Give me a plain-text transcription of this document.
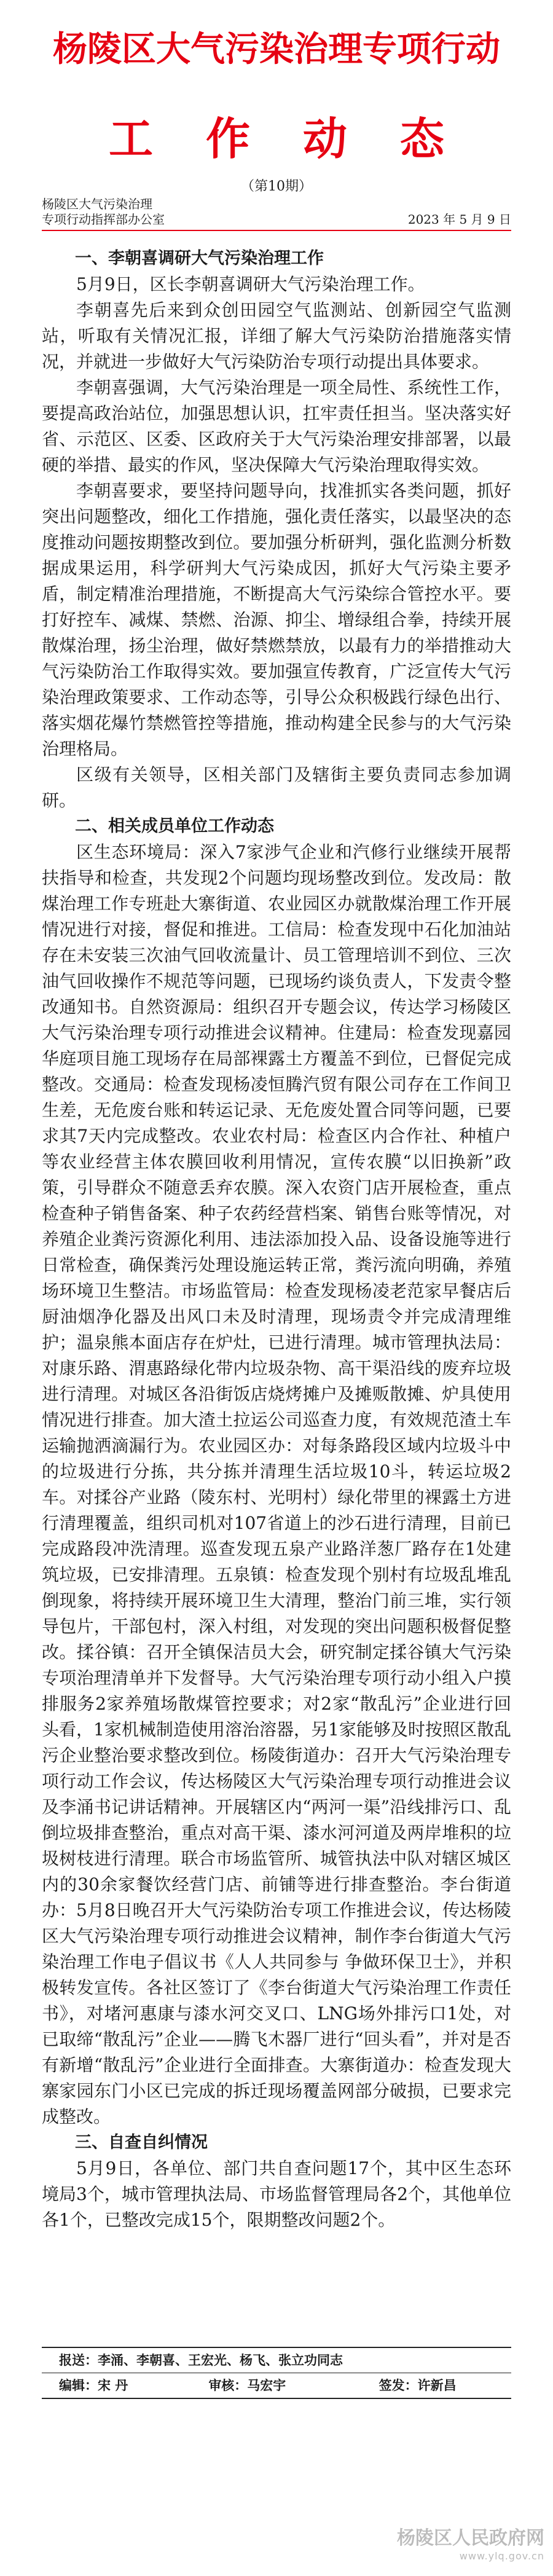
杨陵区大气污染治理专项行动
工作动态
（第10期）
杨陵区大气污染治理
专项行动指挥部办公室	2023 年 5 月 9 日
一、李朝喜调研大气污染治理工作

5月9日，区长李朝喜调研大气污染治理工作。

李朝喜先后来到众创田园空气监测站、创新园空气监测站，听取有关情况汇报，详细了解大气污染防治措施落实情况，并就进一步做好大气污染防治专项行动提出具体要求。

李朝喜强调，大气污染治理是一项全局性、系统性工作，要提高政治站位，加强思想认识，扛牢责任担当。坚决落实好省、示范区、区委、区政府关于大气污染治理安排部署，以最硬的举措、最实的作风，坚决保障大气污染治理取得实效。

李朝喜要求，要坚持问题导向，找准抓实各类问题，抓好突出问题整改，细化工作措施，强化责任落实，以最坚决的态度推动问题按期整改到位。要加强分析研判，强化监测分析数据成果运用，科学研判大气污染成因，抓好大气污染主要矛盾，制定精准治理措施，不断提高大气污染综合管控水平。要打好控车、减煤、禁燃、治源、抑尘、增绿组合拳，持续开展散煤治理，扬尘治理，做好禁燃禁放，以最有力的举措推动大气污染防治工作取得实效。要加强宣传教育，广泛宣传大气污染治理政策要求、工作动态等，引导公众积极践行绿色出行、落实烟花爆竹禁燃管控等措施，推动构建全民参与的大气污染治理格局。

区级有关领导，区相关部门及辖街主要负责同志参加调研。

二、相关成员单位工作动态

区生态环境局：深入7家涉气企业和汽修行业继续开展帮扶指导和检查，共发现2个问题均现场整改到位。发改局：散煤治理工作专班赴大寨街道、农业园区办就散煤治理工作开展情况进行对接，督促和推进。工信局：检查发现中石化加油站存在未安装三次油气回收流量计、员工管理培训不到位、三次油气回收操作不规范等问题，已现场约谈负责人，下发责令整改通知书。自然资源局：组织召开专题会议，传达学习杨陵区大气污染治理专项行动推进会议精神。住建局：检查发现嘉园华庭项目施工现场存在局部裸露土方覆盖不到位，已督促完成整改。交通局：检查发现杨凌恒腾汽贸有限公司存在工作间卫生差，无危废台账和转运记录、无危废处置合同等问题，已要求其7天内完成整改。农业农村局：检查区内合作社、种植户等农业经营主体农膜回收利用情况，宣传农膜“以旧换新”政策，引导群众不随意丢弃农膜。深入农资门店开展检查，重点检查种子销售备案、种子农药经营档案、销售台账等情况，对养殖企业粪污资源化利用、违法添加投入品、设备设施等进行日常检查，确保粪污处理设施运转正常，粪污流向明确，养殖场环境卫生整洁。市场监管局：检查发现杨凌老范家早餐店后厨油烟净化器及出风口未及时清理，现场责令并完成清理维护；温泉熊本面店存在炉灶，已进行清理。城市管理执法局：对康乐路、渭惠路绿化带内垃圾杂物、高干渠沿线的废弃垃圾进行清理。对城区各沿街饭店烧烤摊户及摊贩散摊、炉具使用情况进行排查。加大渣土拉运公司巡查力度，有效规范渣土车运输抛洒滴漏行为。农业园区办：对每条路段区域内垃圾斗中的垃圾进行分拣，共分拣并清理生活垃圾10斗，转运垃圾2车。对揉谷产业路（陵东村、光明村）绿化带里的裸露土方进行清理覆盖，组织司机对107省道上的沙石进行清理，目前已完成路段冲洗清理。巡查发现五泉产业路洋葱厂路存在1处建筑垃圾，已安排清理。五泉镇：检查发现个别村有垃圾乱堆乱倒现象，将持续开展环境卫生大清理，整治门前三堆，实行领导包片，干部包村，深入村组，对发现的突出问题积极督促整改。揉谷镇：召开全镇保洁员大会，研究制定揉谷镇大气污染专项治理清单并下发督导。大气污染治理专项行动小组入户摸排服务2家养殖场散煤管控要求；对2家“散乱污”企业进行回头看，1家机械制造使用溶治溶器，另1家能够及时按照区散乱污企业整治要求整改到位。杨陵街道办：召开大气污染治理专项行动工作会议，传达杨陵区大气污染治理专项行动推进会议及李涌书记讲话精神。开展辖区内“两河一渠”沿线排污口、乱倒垃圾排查整治，重点对高干渠、漆水河河道及两岸堆积的垃圾树枝进行清理。联合市场监管所、城管执法中队对辖区城区内的30余家餐饮经营门店、前铺等进行排查整治。李台街道办：5月8日晚召开大气污染防治专项工作推进会议，传达杨陵区大气污染治理专项行动推进会议精神，制作李台街道大气污染治理工作电子倡议书《人人共同参与 争做环保卫士》，并积极转发宣传。各社区签订了《李台街道大气污染治理工作责任书》，对堵河惠康与漆水河交叉口、LNG场外排污口1处，对已取缔“散乱污”企业——腾飞木器厂进行“回头看”，并对是否有新增“散乱污”企业进行全面排查。大寨街道办：检查发现大寨家园东门小区已完成的拆迁现场覆盖网部分破损，已要求完成整改。

三、自查自纠情况

5月9日，各单位、部门共自查问题17个，其中区生态环境局3个，城市管理执法局、市场监督管理局各2个，其他单位各1个，已整改完成15个，限期整改问题2个。

报送：李涌、李朝喜、王宏光、杨飞、张立功同志
编辑：宋 丹	审核：马宏宇	签发：许新昌
杨陵区人民政府网
www.ylq.gov.cn
